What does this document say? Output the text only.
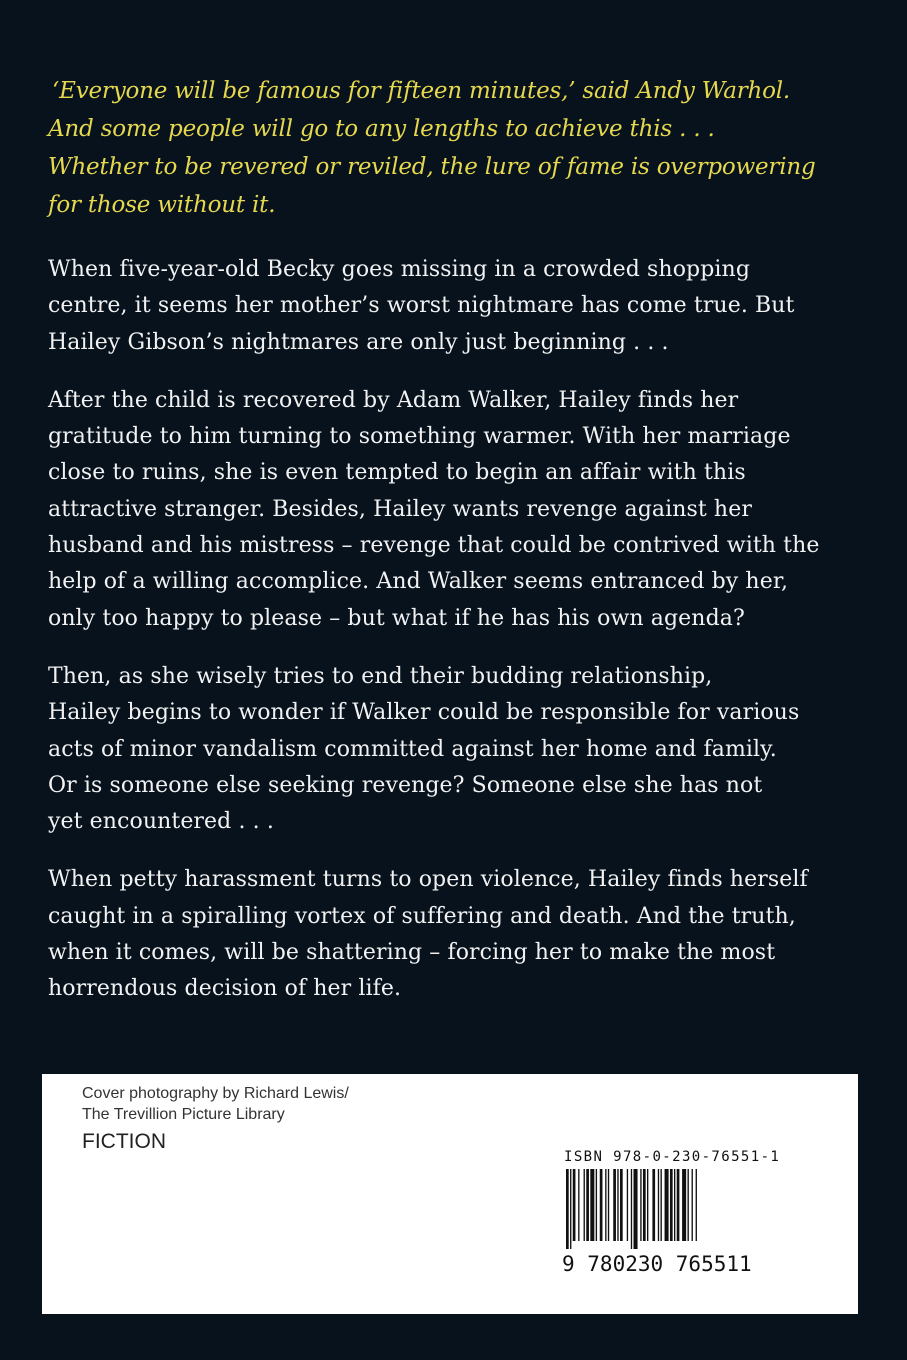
‘Everyone will be famous for fifteen minutes,’ said Andy Warhol.
And some people will go to any lengths to achieve this . . .
Whether to be revered or reviled, the lure of fame is overpowering
for those without it.
When five-year-old Becky goes missing in a crowded shopping
centre, it seems her mother’s worst nightmare has come true. But
Hailey Gibson’s nightmares are only just beginning . . .
After the child is recovered by Adam Walker, Hailey finds her
gratitude to him turning to something warmer. With her marriage
close to ruins, she is even tempted to begin an affair with this
attractive stranger. Besides, Hailey wants revenge against her
husband and his mistress – revenge that could be contrived with the
help of a willing accomplice. And Walker seems entranced by her,
only too happy to please – but what if he has his own agenda?
Then, as she wisely tries to end their budding relationship,
Hailey begins to wonder if Walker could be responsible for various
acts of minor vandalism committed against her home and family.
Or is someone else seeking revenge? Someone else she has not
yet encountered . . .
When petty harassment turns to open violence, Hailey finds herself
caught in a spiralling vortex of suffering and death. And the truth,
when it comes, will be shattering – forcing her to make the most
horrendous decision of her life.
Cover photography by Richard Lewis/
The Trevillion Picture Library
FICTION
ISBN 978-0-230-76551-1
9 780230 765511
